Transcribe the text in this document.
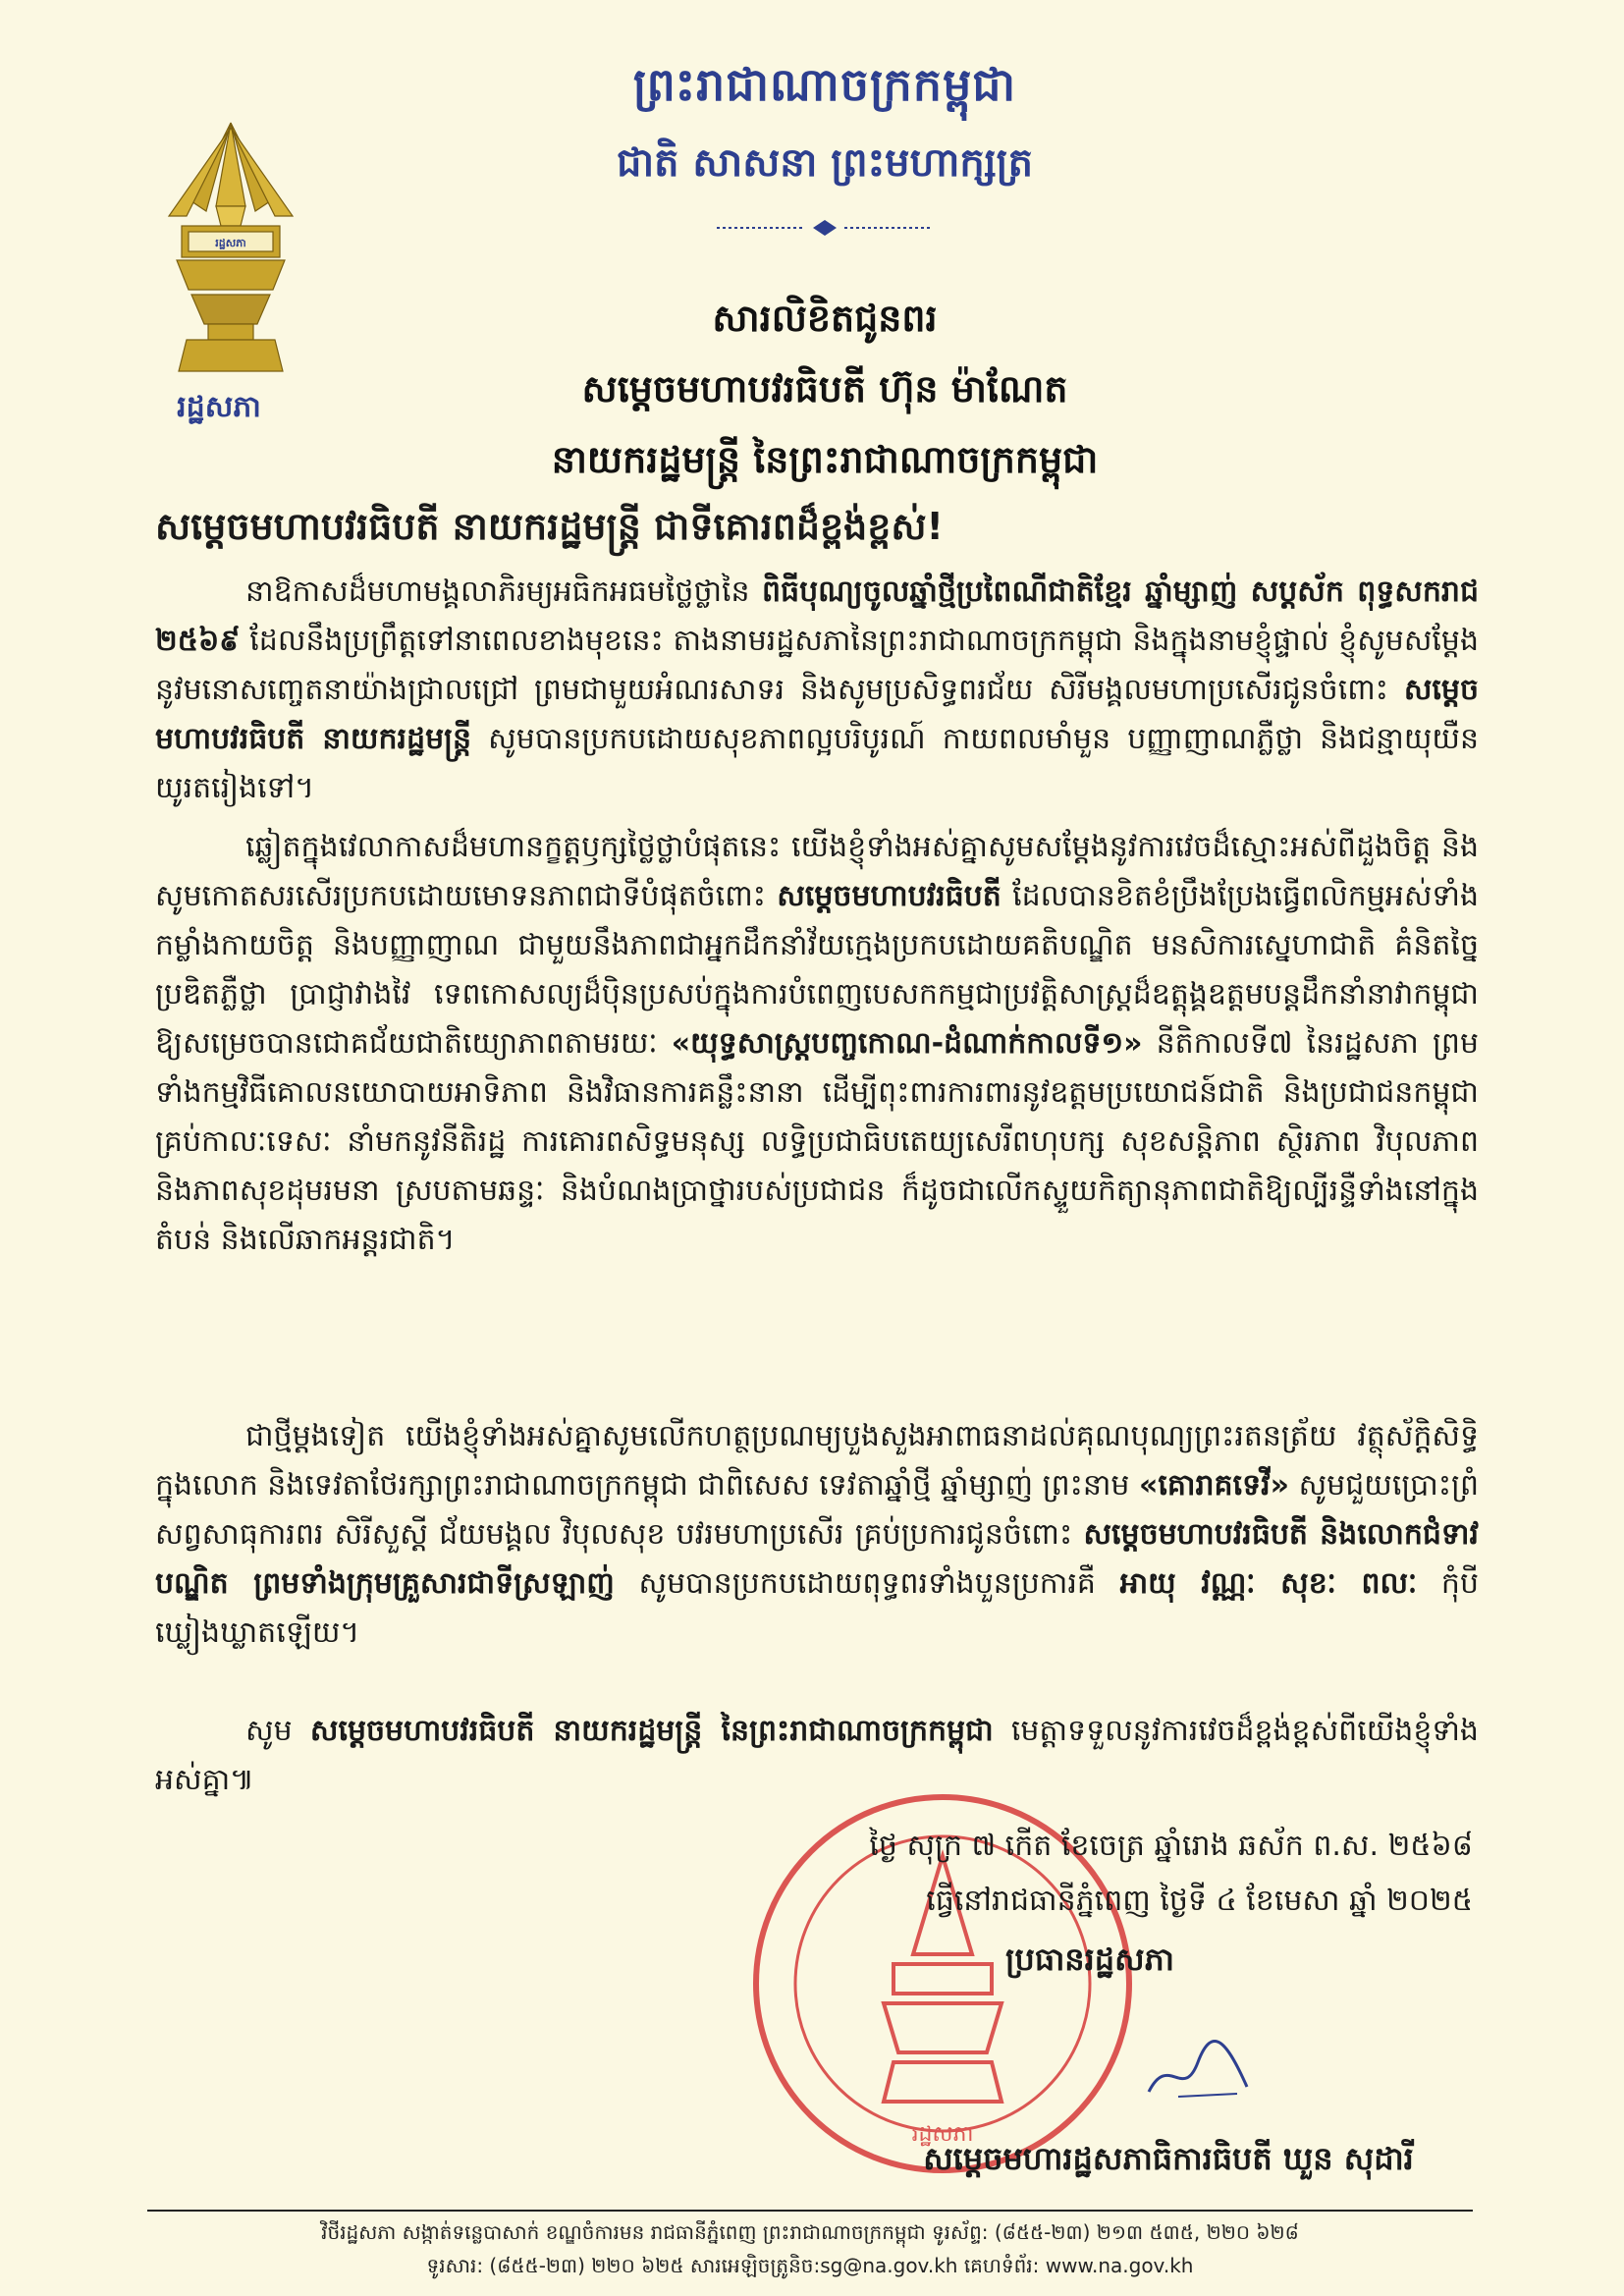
រដ្ឋសភា
រដ្ឋសភា
ព្រះរាជាណាចក្រកម្ពុជា
ជាតិ សាសនា ព្រះមហាក្សត្រ
សារលិខិតជូនពរ
សម្តេចមហាបវរធិបតី ហ៊ុន ម៉ាណែត
នាយករដ្ឋមន្ត្រី នៃព្រះរាជាណាចក្រកម្ពុជា
សម្តេចមហាបវរធិបតី នាយករដ្ឋមន្ត្រី ជាទីគោរពដ៏ខ្ពង់ខ្ពស់!
នាឱកាសដ៏មហាមង្គលាភិរម្យអធិកអធមថ្លៃថ្លានៃ ពិធីបុណ្យចូលឆ្នាំថ្មីប្រពៃណីជាតិខ្មែរ ឆ្នាំម្សាញ់ សប្តស័ក ពុទ្ធសករាជ ២៥៦៩ ដែលនឹងប្រព្រឹត្តទៅនាពេលខាងមុខនេះ តាងនាមរដ្ឋសភានៃព្រះរាជាណាចក្រកម្ពុជា និងក្នុងនាមខ្ញុំផ្ទាល់ ខ្ញុំសូមសម្តែងនូវមនោសញ្ចេតនាយ៉ាងជ្រាលជ្រៅ ព្រមជាមួយអំណរសាទរ និងសូមប្រសិទ្ធពរជ័យ សិរីមង្គលមហាប្រសើរជូនចំពោះ សម្តេចមហាបវរធិបតី នាយករដ្ឋមន្ត្រី សូមបានប្រកបដោយសុខភាពល្អបរិបូរណ៍ កាយពលមាំមួន បញ្ញាញាណភ្លឺថ្លា និងជន្មាយុយឺនយូរតរៀងទៅ។
ឆ្លៀតក្នុងវេលាកាសដ៏មហានក្ខត្តឫក្សថ្លៃថ្លាបំផុតនេះ យើងខ្ញុំទាំងអស់គ្នាសូមសម្តែងនូវការវេចដ៏ស្មោះអស់ពីដួងចិត្ត និងសូមកោតសរសើរប្រកបដោយមោទនភាពជាទីបំផុតចំពោះ សម្តេចមហាបវរធិបតី ដែលបានខិតខំប្រឹងប្រែងធ្វើពលិកម្មអស់ទាំងកម្លាំងកាយចិត្ត និងបញ្ញាញាណ ជាមួយនឹងភាពជាអ្នកដឹកនាំវ័យក្មេងប្រកបដោយគតិបណ្ឌិត មនសិការស្នេហាជាតិ គំនិតច្នៃប្រឌិតភ្លឺថ្លា ប្រាជ្ញាវាងវៃ ទេពកោសល្យដ៏ប៉ិនប្រសប់ក្នុងការបំពេញបេសកកម្មជាប្រវត្តិសាស្ត្រដ៏ឧត្តុង្គឧត្តមបន្តដឹកនាំនាវាកម្ពុជា ឱ្យសម្រេចបានជោគជ័យជាតិយ្យោភាពតាមរយៈ «យុទ្ធសាស្ត្របញ្ចកោណ-ដំណាក់កាលទី១» នីតិកាលទី៧ នៃរដ្ឋសភា ព្រមទាំងកម្មវិធីគោលនយោបាយអាទិភាព និងវិធានការគន្លឹះនានា ដើម្បីពុះពារការពារនូវឧត្តមប្រយោជន៍ជាតិ និងប្រជាជនកម្ពុជាគ្រប់កាលៈទេសៈ នាំមកនូវនីតិរដ្ឋ ការគោរពសិទ្ធមនុស្ស លទ្ធិប្រជាធិបតេយ្យសេរីពហុបក្ស សុខសន្តិភាព ស្ថិរភាព វិបុលភាព និងភាពសុខដុមរមនា ស្របតាមឆន្ទៈ និងបំណងប្រាថ្នារបស់ប្រជាជន ក៏ដូចជាលើកស្ទួយកិត្យានុភាពជាតិឱ្យល្បីរន្ទឺទាំងនៅក្នុងតំបន់ និងលើឆាកអន្តរជាតិ។
ជាថ្មីម្តងទៀត យើងខ្ញុំទាំងអស់គ្នាសូមលើកហត្ថប្រណម្យបួងសួងអាពាធនាដល់គុណបុណ្យព្រះរតនត្រ័យ វត្ថុស័ក្តិសិទ្ធិក្នុងលោក និងទេវតាថែរក្សាព្រះរាជាណាចក្រកម្ពុជា ជាពិសេស ទេវតាឆ្នាំថ្មី ឆ្នាំម្សាញ់ ព្រះនាម «គោរាគទេវី» សូមជួយប្រោះព្រំសព្វសាធុការពរ សិរីសួស្តី ជ័យមង្គល វិបុលសុខ បវរមហាប្រសើរ គ្រប់ប្រការជូនចំពោះ សម្តេចមហាបវរធិបតី និងលោកជំទាវបណ្ឌិត ព្រមទាំងក្រុមគ្រួសារជាទីស្រឡាញ់ សូមបានប្រកបដោយពុទ្ធពរទាំងបួនប្រការគឺ អាយុ វណ្ណៈ សុខៈ ពលៈ កុំបីឃ្លៀងឃ្លាតឡើយ។
សូម សម្តេចមហាបវរធិបតី នាយករដ្ឋមន្ត្រី នៃព្រះរាជាណាចក្រកម្ពុជា មេត្តាទទួលនូវការវេចដ៏ខ្ពង់ខ្ពស់ពីយើងខ្ញុំទាំងអស់គ្នា៕
រដ្ឋសភា
ថ្ងៃ សុក្រ ៧ កើត ខែចេត្រ ឆ្នាំរោង ឆស័ក ព.ស. ២៥៦៨
ធ្វើនៅរាជធានីភ្នំពេញ ថ្ងៃទី ៤ ខែមេសា ឆ្នាំ ២០២៥
ប្រធានរដ្ឋសភា
សម្តេចមហារដ្ឋសភាធិការធិបតី ឃួន សុដារី
វិថីរដ្ឋសភា សង្កាត់ទន្លេបាសាក់ ខណ្ឌចំការមន រាជធានីភ្នំពេញ ព្រះរាជាណាចក្រកម្ពុជា ទូរស័ព្ទ: (៨៥៥-២៣) ២១៣ ៥៣៥, ២២០ ៦២៨
ទូរសារ: (៨៥៥-២៣) ២២០ ៦២៥ សារអេឡិចត្រូនិច:sg@na.gov.kh គេហទំព័រ: www.na.gov.kh
